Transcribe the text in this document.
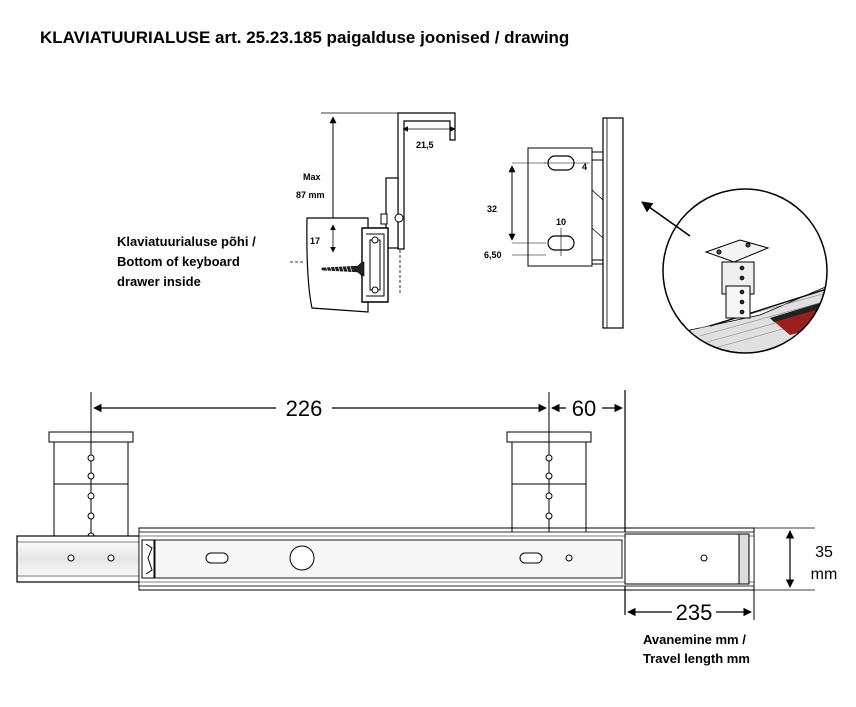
KLAVIATUURIALUSE art. 25.23.185 paigalduse joonised / drawing
Max
87 mm
17
21,5
4
32
10
6,50
226	60
35
mm
235
Klaviatuurialuse põhi /
Bottom of keyboard
drawer inside
Avanemine mm /
Travel length mm
